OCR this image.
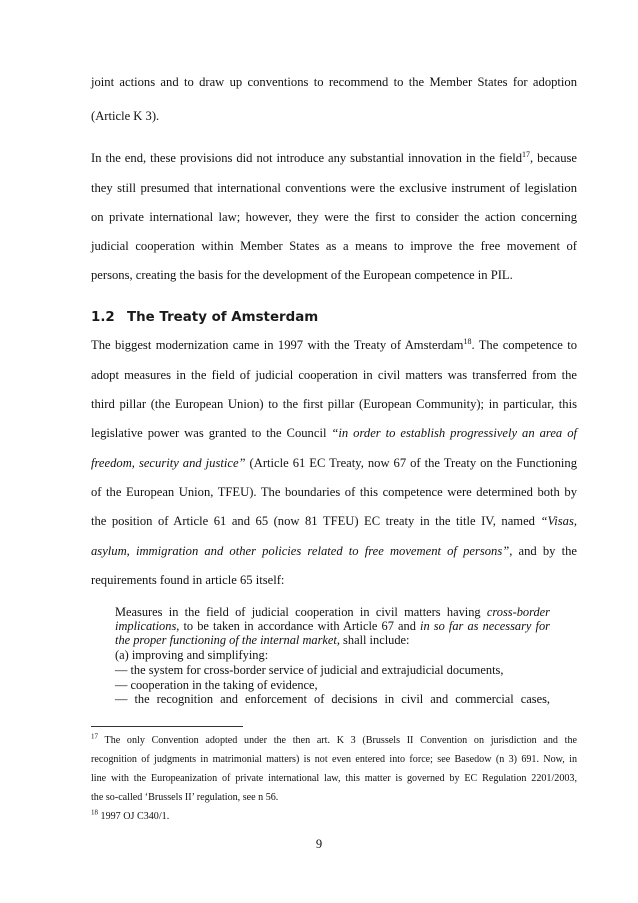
joint actions and to draw up conventions to recommend to the Member States for adoption
(Article K 3).
In the end, these provisions did not introduce any substantial innovation in the field$^{17}$, because
they still presumed that international conventions were the exclusive instrument of legislation
on private international law; however, they were the first to consider the action concerning
judicial cooperation within Member States as a means to improve the free movement of
persons, creating the basis for the development of the European competence in PIL.
1.2 The Treaty of Amsterdam
The biggest modernization came in 1997 with the Treaty of Amsterdam$^{18}$. The competence to
adopt measures in the field of judicial cooperation in civil matters was transferred from the
third pillar (the European Union) to the first pillar (European Community); in particular, this
legislative power was granted to the Council “in order to establish progressively an area of
freedom, security and justice” (Article 61 EC Treaty, now 67 of the Treaty on the Functioning
of the European Union, TFEU). The boundaries of this competence were determined both by
the position of Article 61 and 65 (now 81 TFEU) EC treaty in the title IV, named “Visas,
asylum, immigration and other policies related to free movement of persons”, and by the
requirements found in article 65 itself:
Measures in the field of judicial cooperation in civil matters having cross-border
implications, to be taken in accordance with Article 67 and in so far as necessary for
the proper functioning of the internal market, shall include:
(a) improving and simplifying:
— the system for cross-border service of judicial and extrajudicial documents,
— cooperation in the taking of evidence,
— the recognition and enforcement of decisions in civil and commercial cases,
$^{17}$ The only Convention adopted under the then art. K 3 (Brussels II Convention on jurisdiction and the
recognition of judgments in matrimonial matters) is not even entered into force; see Basedow (n 3) 691. Now, in
line with the Europeanization of private international law, this matter is governed by EC Regulation 2201/2003,
the so-called ‘Brussels II’ regulation, see n 56.
$^{18}$ 1997 OJ C340/1.
9
